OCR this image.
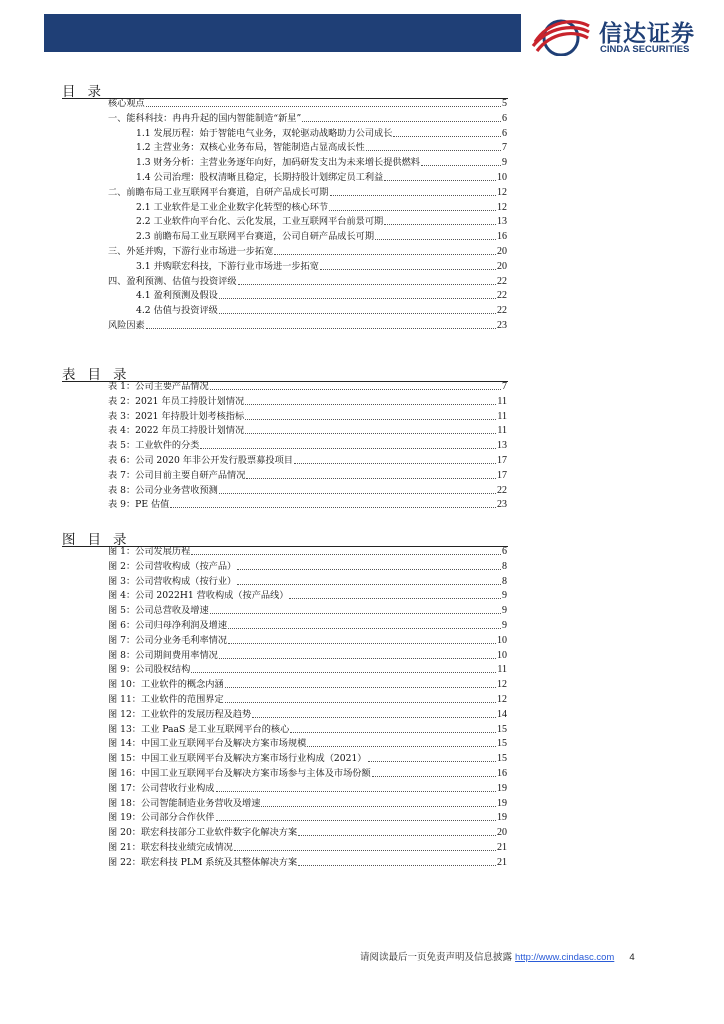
信达证券
CINDA SECURITIES
目录
表目录
图目录
核心观点	5
一、能科科技：冉冉升起的国内智能制造“新星”	6
1.1 发展历程：始于智能电气业务，双轮驱动战略助力公司成长	6
1.2 主营业务：双核心业务布局，智能制造占显高成长性	7
1.3 财务分析：主营业务逐年向好，加码研发支出为未来增长提供燃料	9
1.4 公司治理：股权清晰且稳定，长期持股计划绑定员工利益	10
二、前瞻布局工业互联网平台赛道，自研产品成长可期	12
2.1 工业软件是工业企业数字化转型的核心环节	12
2.2 工业软件向平台化、云化发展，工业互联网平台前景可期	13
2.3 前瞻布局工业互联网平台赛道，公司自研产品成长可期	16
三、外延并购，下游行业市场进一步拓宽	20
3.1 并购联宏科技，下游行业市场进一步拓宽	20
四、盈利预测、估值与投资评级	22
4.1 盈利预测及假设	22
4.2 估值与投资评级	22
风险因素	23
表 1：公司主要产品情况	7
表 2：2021 年员工持股计划情况	11
表 3：2021 年持股计划考核指标	11
表 4：2022 年员工持股计划情况	11
表 5：工业软件的分类	13
表 6：公司 2020 年非公开发行股票募投项目	17
表 7：公司目前主要自研产品情况	17
表 8：公司分业务营收预测	22
表 9：PE 估值	23
图 1：公司发展历程	6
图 2：公司营收构成（按产品）	8
图 3：公司营收构成（按行业）	8
图 4：公司 2022H1 营收构成（按产品线）	9
图 5：公司总营收及增速	9
图 6：公司归母净利润及增速	9
图 7：公司分业务毛利率情况	10
图 8：公司期间费用率情况	10
图 9：公司股权结构	11
图 10：工业软件的概念内涵	12
图 11：工业软件的范围界定	12
图 12：工业软件的发展历程及趋势	14
图 13：工业 PaaS 是工业互联网平台的核心	15
图 14：中国工业互联网平台及解决方案市场规模	15
图 15：中国工业互联网平台及解决方案市场行业构成（2021）	15
图 16：中国工业互联网平台及解决方案市场参与主体及市场份额	16
图 17：公司营收行业构成	19
图 18：公司智能制造业务营收及增速	19
图 19：公司部分合作伙伴	19
图 20：联宏科技部分工业软件数字化解决方案	20
图 21：联宏科技业绩完成情况	21
图 22：联宏科技 PLM 系统及其整体解决方案	21
请阅读最后一页免责声明及信息披露 http://www.cindasc.com 4
